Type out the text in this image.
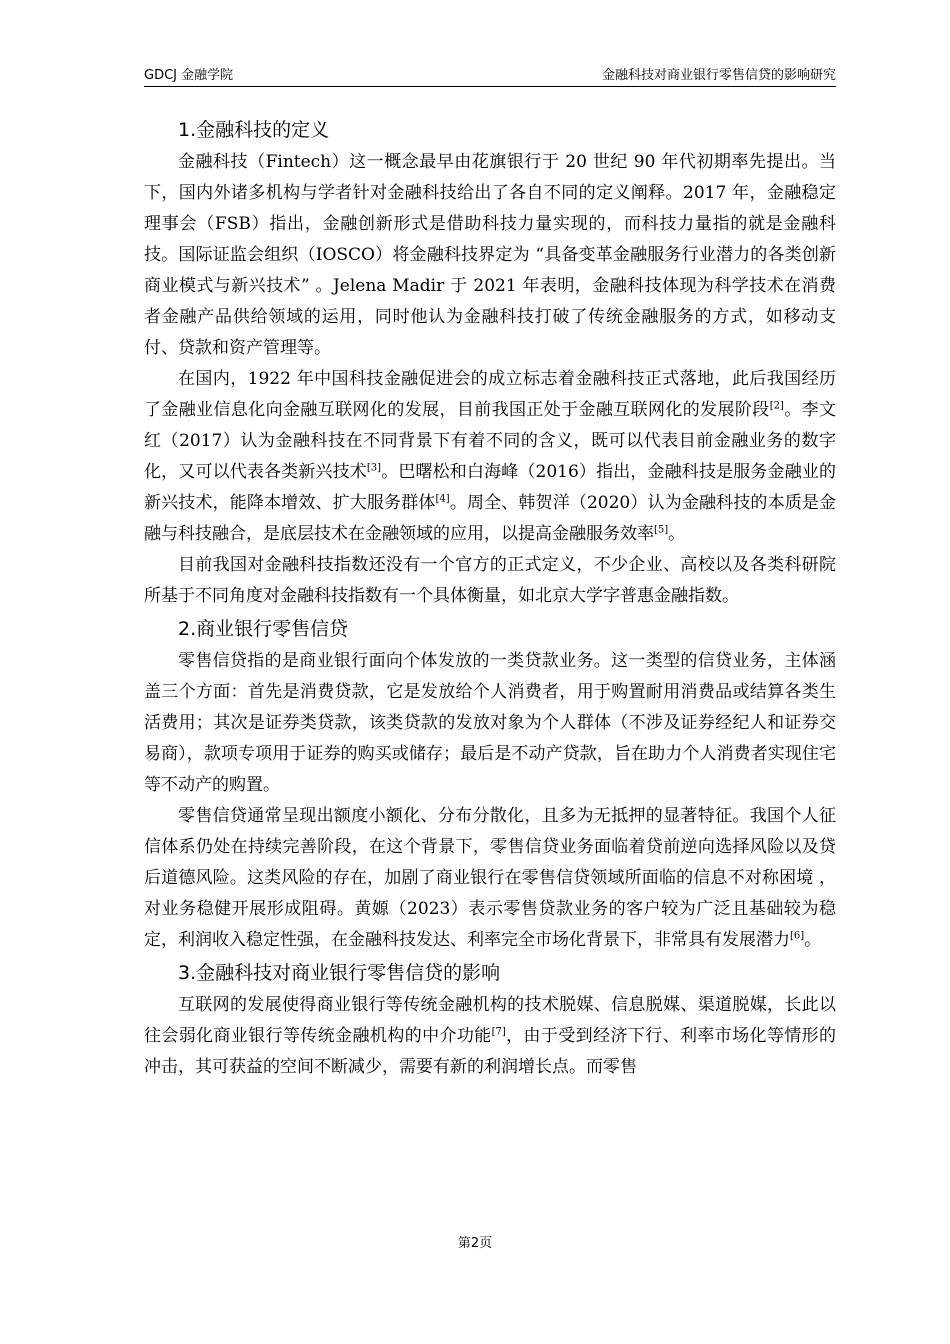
GDCJ 金融学院	金融科技对商业银行零售信贷的影响研究
1.金融科技的定义

金融科技（Fintech）这一概念最早由花旗银行于 20 世纪 90 年代初期率先提出。当下，国内外诸多机构与学者针对金融科技给出了各自不同的定义阐释。2017 年，金融稳定理事会（FSB）指出，金融创新形式是借助科技力量实现的，而科技力量指的就是金融科技。国际证监会组织（IOSCO）将金融科技界定为 “具备变革金融服务行业潜力的各类创新商业模式与新兴技术” 。Jelena Madir 于 2021 年表明，金融科技体现为科学技术在消费者金融产品供给领域的运用，同时他认为金融科技打破了传统金融服务的方式，如移动支付、贷款和资产管理等。

在国内，1922 年中国科技金融促进会的成立标志着金融科技正式落地，此后我国经历了金融业信息化向金融互联网化的发展，目前我国正处于金融互联网化的发展阶段[2]。李文红（2017）认为金融科技在不同背景下有着不同的含义，既可以代表目前金融业务的数字化，又可以代表各类新兴技术[3]。巴曙松和白海峰（2016）指出，金融科技是服务金融业的新兴技术，能降本增效、扩大服务群体[4]。周全、韩贺洋（2020）认为金融科技的本质是金融与科技融合，是底层技术在金融领域的应用，以提高金融服务效率[5]。

目前我国对金融科技指数还没有一个官方的正式定义，不少企业、高校以及各类科研院所基于不同角度对金融科技指数有一个具体衡量，如北京大学字普惠金融指数。

2.商业银行零售信贷

零售信贷指的是商业银行面向个体发放的一类贷款业务。这一类型的信贷业务，主体涵盖三个方面：首先是消费贷款，它是发放给个人消费者，用于购置耐用消费品或结算各类生活费用；其次是证券类贷款，该类贷款的发放对象为个人群体（不涉及证券经纪人和证券交易商），款项专项用于证券的购买或储存；最后是不动产贷款，旨在助力个人消费者实现住宅等不动产的购置。

零售信贷通常呈现出额度小额化、分布分散化，且多为无抵押的显著特征。我国个人征信体系仍处在持续完善阶段，在这个背景下，零售信贷业务面临着贷前逆向选择风险以及贷后道德风险。这类风险的存在，加剧了商业银行在零售信贷领域所面临的信息不对称困境 ，对业务稳健开展形成阻碍。黄嫄（2023）表示零售贷款业务的客户较为广泛且基础较为稳定，利润收入稳定性强，在金融科技发达、利率完全市场化背景下，非常具有发展潜力[6]。

3.金融科技对商业银行零售信贷的影响

互联网的发展使得商业银行等传统金融机构的技术脱媒、信息脱媒、渠道脱媒，长此以往会弱化商业银行等传统金融机构的中介功能[7]，由于受到经济下行、利率市场化等情形的冲击，其可获益的空间不断减少，需要有新的利润增长点。而零售

第2页
